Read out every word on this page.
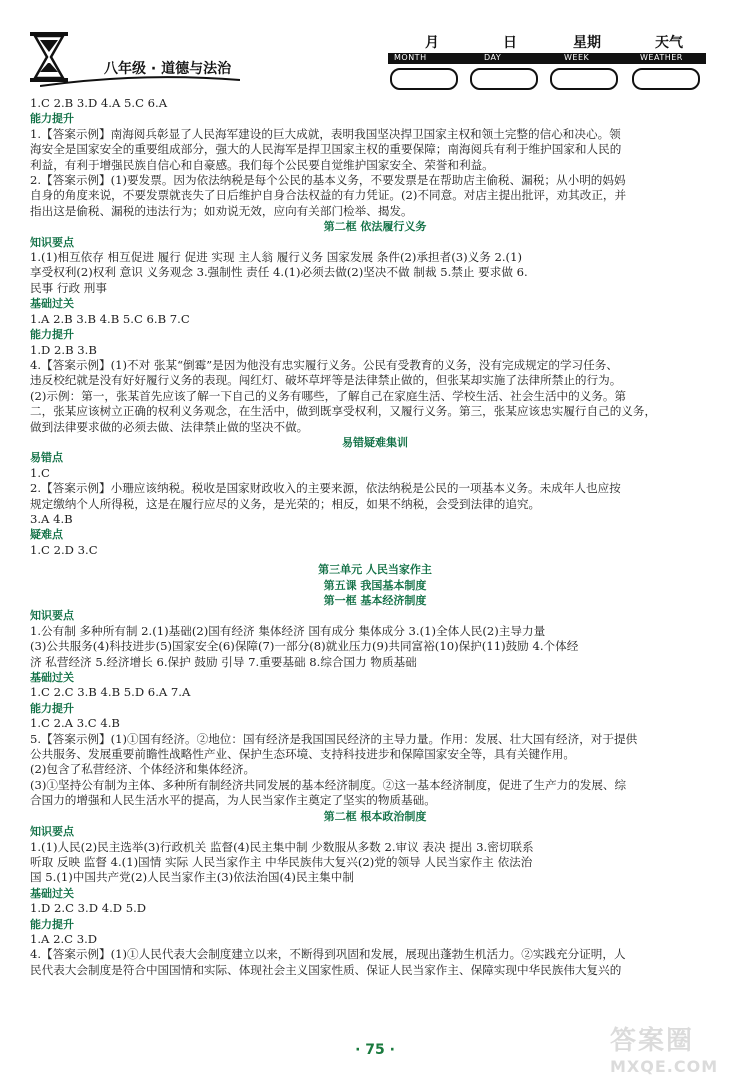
八年级 · 道德与法治
月	日	星期	天气
MONTH	DAY	WEEK	WEATHER
1.C 2.B 3.D 4.A 5.C 6.A
能力提升
1.【答案示例】南海阅兵彰显了人民海军建设的巨大成就，表明我国坚决捍卫国家主权和领土完整的信心和决心。领
海安全是国家安全的重要组成部分，强大的人民海军是捍卫国家主权的重要保障；南海阅兵有利于维护国家和人民的
利益，有利于增强民族自信心和自豪感。我们每个公民要自觉维护国家安全、荣誉和利益。
2.【答案示例】(1)要发票。因为依法纳税是每个公民的基本义务，不要发票是在帮助店主偷税、漏税；从小明的妈妈
自身的角度来说，不要发票就丧失了日后维护自身合法权益的有力凭证。(2)不同意。对店主提出批评，劝其改正，并
指出这是偷税、漏税的违法行为；如劝说无效，应向有关部门检举、揭发。
第二框 依法履行义务
知识要点
1.(1)相互依存 相互促进 履行 促进 实现 主人翁 履行义务 国家发展 条件(2)承担者(3)义务 2.(1)
享受权利(2)权利 意识 义务观念 3.强制性 责任 4.(1)必须去做(2)坚决不做 制裁 5.禁止 要求做 6.
民事 行政 刑事
基础过关
1.A 2.B 3.B 4.B 5.C 6.B 7.C
能力提升
1.D 2.B 3.B
4.【答案示例】(1)不对 张某“倒霉”是因为他没有忠实履行义务。公民有受教育的义务，没有完成规定的学习任务、
违反校纪就是没有好好履行义务的表现。闯红灯、破坏草坪等是法律禁止做的，但张某却实施了法律所禁止的行为。
(2)示例：第一，张某首先应该了解一下自己的义务有哪些，了解自己在家庭生活、学校生活、社会生活中的义务。第
二，张某应该树立正确的权利义务观念，在生活中，做到既享受权利，又履行义务。第三，张某应该忠实履行自己的义务，
做到法律要求做的必须去做、法律禁止做的坚决不做。
易错疑难集训
易错点
1.C
2.【答案示例】小珊应该纳税。税收是国家财政收入的主要来源，依法纳税是公民的一项基本义务。未成年人也应按
规定缴纳个人所得税，这是在履行应尽的义务，是光荣的；相反，如果不纳税，会受到法律的追究。
3.A 4.B
疑难点
1.C 2.D 3.C
第三单元 人民当家作主
第五课 我国基本制度
第一框 基本经济制度
知识要点
1.公有制 多种所有制 2.(1)基础(2)国有经济 集体经济 国有成分 集体成分 3.(1)全体人民(2)主导力量
(3)公共服务(4)科技进步(5)国家安全(6)保障(7)一部分(8)就业压力(9)共同富裕(10)保护(11)鼓励 4.个体经
济 私营经济 5.经济增长 6.保护 鼓励 引导 7.重要基础 8.综合国力 物质基础
基础过关
1.C 2.C 3.B 4.B 5.D 6.A 7.A
能力提升
1.C 2.A 3.C 4.B
5.【答案示例】(1)①国有经济。②地位：国有经济是我国国民经济的主导力量。作用：发展、壮大国有经济，对于提供
公共服务、发展重要前瞻性战略性产业、保护生态环境、支持科技进步和保障国家安全等，具有关键作用。
(2)包含了私营经济、个体经济和集体经济。
(3)①坚持公有制为主体、多种所有制经济共同发展的基本经济制度。②这一基本经济制度，促进了生产力的发展、综
合国力的增强和人民生活水平的提高，为人民当家作主奠定了坚实的物质基础。
第二框 根本政治制度
知识要点
1.(1)人民(2)民主选举(3)行政机关 监督(4)民主集中制 少数服从多数 2.审议 表决 提出 3.密切联系
听取 反映 监督 4.(1)国情 实际 人民当家作主 中华民族伟大复兴(2)党的领导 人民当家作主 依法治
国 5.(1)中国共产党(2)人民当家作主(3)依法治国(4)民主集中制
基础过关
1.D 2.C 3.D 4.D 5.D
能力提升
1.A 2.C 3.D
4.【答案示例】(1)①人民代表大会制度建立以来，不断得到巩固和发展，展现出蓬勃生机活力。②实践充分证明，人
民代表大会制度是符合中国国情和实际、体现社会主义国家性质、保证人民当家作主、保障实现中华民族伟大复兴的
· 75 ·	答案圈
MXQE.COM
